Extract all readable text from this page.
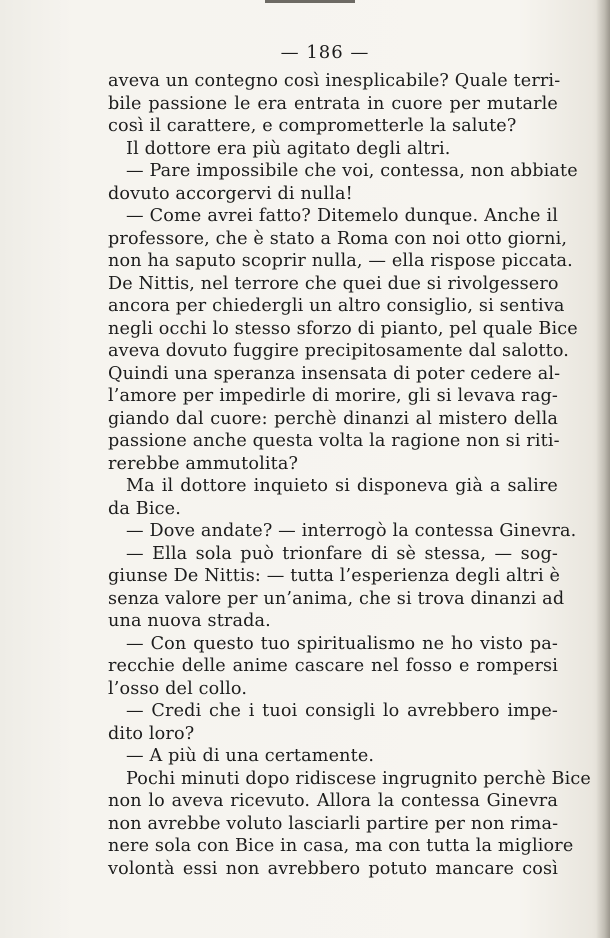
— 186 —
aveva un contegno così inesplicabile? Quale terri-
bile passione le era entrata in cuore per mutarle
così il carattere, e comprometterle la salute?
Il dottore era più agitato degli altri.
— Pare impossibile che voi, contessa, non abbiate
dovuto accorgervi di nulla!
— Come avrei fatto? Ditemelo dunque. Anche il
professore, che è stato a Roma con noi otto giorni,
non ha saputo scoprir nulla, — ella rispose piccata.
De Nittis, nel terrore che quei due si rivolgessero
ancora per chiedergli un altro consiglio, si sentiva
negli occhi lo stesso sforzo di pianto, pel quale Bice
aveva dovuto fuggire precipitosamente dal salotto.
Quindi una speranza insensata di poter cedere al-
l’amore per impedirle di morire, gli si levava rag-
giando dal cuore: perchè dinanzi al mistero della
passione anche questa volta la ragione non si riti-
rerebbe ammutolita?
Ma il dottore inquieto si disponeva già a salire
da Bice.
— Dove andate? — interrogò la contessa Ginevra.
— Ella sola può trionfare di sè stessa, — sog-
giunse De Nittis: — tutta l’esperienza degli altri è
senza valore per un’anima, che si trova dinanzi ad
una nuova strada.
— Con questo tuo spiritualismo ne ho visto pa-
recchie delle anime cascare nel fosso e rompersi
l’osso del collo.
— Credi che i tuoi consigli lo avrebbero impe-
dito loro?
— A più di una certamente.
Pochi minuti dopo ridiscese ingrugnito perchè Bice
non lo aveva ricevuto. Allora la contessa Ginevra
non avrebbe voluto lasciarli partire per non rima-
nere sola con Bice in casa, ma con tutta la migliore
volontà essi non avrebbero potuto mancare così
